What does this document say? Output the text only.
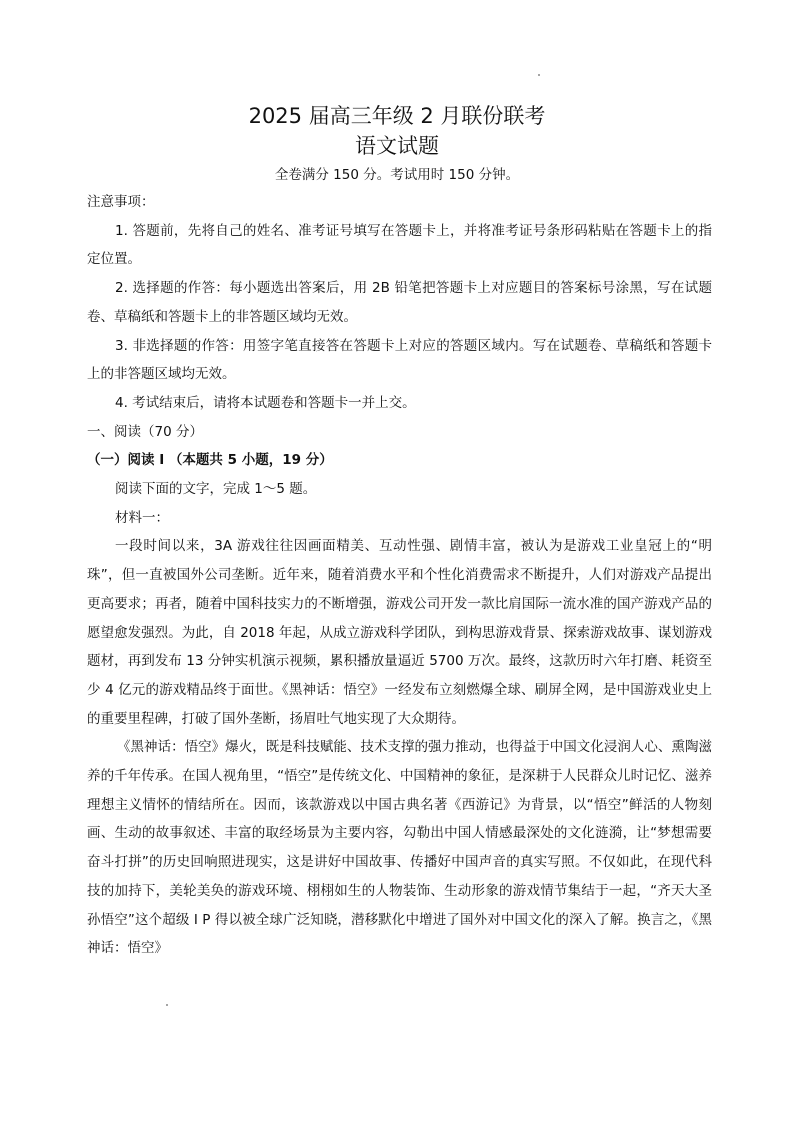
2025 届高三年级 2 月联份联考
语文试题
全卷满分 150 分。考试用时 150 分钟。

注意事项：

1. 答题前，先将自己的姓名、准考证号填写在答题卡上，并将准考证号条形码粘贴在答题卡上的指定位置。

2. 选择题的作答：每小题选出答案后，用 2B 铅笔把答题卡上对应题目的答案标号涂黑，写在试题卷、草稿纸和答题卡上的非答题区域均无效。

3. 非选择题的作答：用签字笔直接答在答题卡上对应的答题区域内。写在试题卷、草稿纸和答题卡上的非答题区域均无效。

4. 考试结束后，请将本试题卷和答题卡一并上交。

一、阅读（70 分）

（一）阅读 I （本题共 5 小题，19 分）

阅读下面的文字，完成 1～5 题。

材料一：

一段时间以来，3A 游戏往往因画面精美、互动性强、剧情丰富，被认为是游戏工业皇冠上的“明珠”，但一直被国外公司垄断。近年来，随着消费水平和个性化消费需求不断提升，人们对游戏产品提出更高要求；再者，随着中国科技实力的不断增强，游戏公司开发一款比肩国际一流水准的国产游戏产品的愿望愈发强烈。为此，自 2018 年起，从成立游戏科学团队，到构思游戏背景、探索游戏故事、谋划游戏题材，再到发布 13 分钟实机演示视频，累积播放量逼近 5700 万次。最终，这款历时六年打磨、耗资至少 4 亿元的游戏精品终于面世。《黑神话：悟空》一经发布立刻燃爆全球、刷屏全网，是中国游戏业史上的重要里程碑，打破了国外垄断，扬眉吐气地实现了大众期待。

《黑神话：悟空》爆火，既是科技赋能、技术支撑的强力推动，也得益于中国文化浸润人心、熏陶滋养的千年传承。在国人视角里，“悟空”是传统文化、中国精神的象征，是深耕于人民群众儿时记忆、滋养理想主义情怀的情结所在。因而，该款游戏以中国古典名著《西游记》为背景，以“悟空”鲜活的人物刻画、生动的故事叙述、丰富的取经场景为主要内容，勾勒出中国人情感最深处的文化涟漪，让“梦想需要奋斗打拼”的历史回响照进现实，这是讲好中国故事、传播好中国声音的真实写照。不仅如此，在现代科技的加持下，美轮美奂的游戏环境、栩栩如生的人物装饰、生动形象的游戏情节集结于一起，“齐天大圣孙悟空”这个超级 I P 得以被全球广泛知晓，潜移默化中增进了国外对中国文化的深入了解。换言之，《黑神话：悟空》
